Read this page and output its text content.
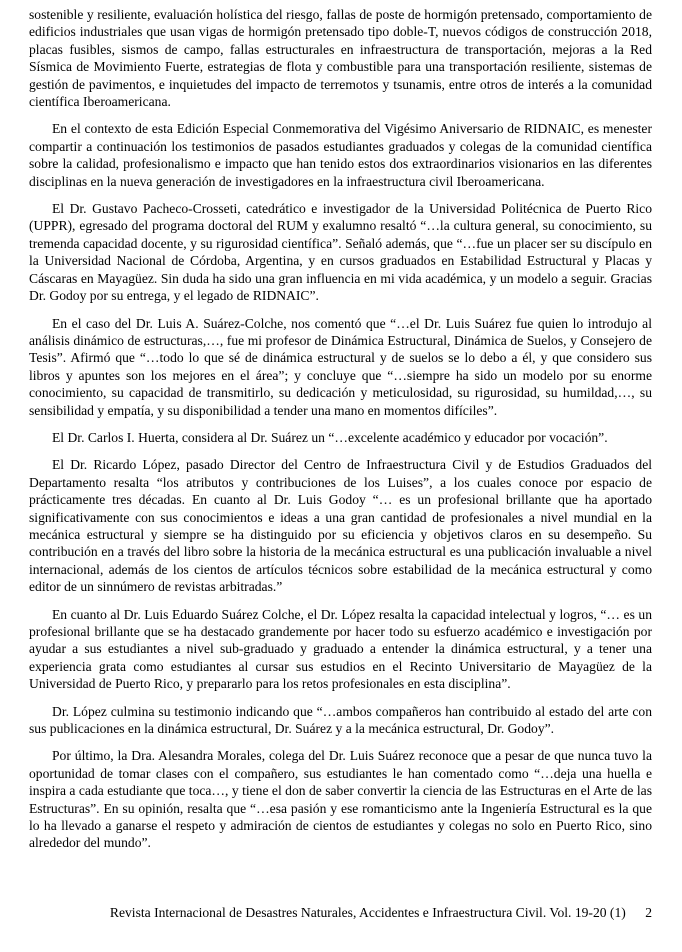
sostenible y resiliente, evaluación holística del riesgo, fallas de poste de hormigón pretensado, comportamiento de edificios industriales que usan vigas de hormigón pretensado tipo doble-T, nuevos códigos de construcción 2018, placas fusibles, sismos de campo, fallas estructurales en infraestructura de transportación, mejoras a la Red Sísmica de Movimiento Fuerte, estrategias de flota y combustible para una transportación resiliente, sistemas de gestión de pavimentos, e inquietudes del impacto de terremotos y tsunamis, entre otros de interés a la comunidad científica Iberoamericana.

En el contexto de esta Edición Especial Conmemorativa del Vigésimo Aniversario de RIDNAIC, es menester compartir a continuación los testimonios de pasados estudiantes graduados y colegas de la comunidad científica sobre la calidad, profesionalismo e impacto que han tenido estos dos extraordinarios visionarios en las diferentes disciplinas en la nueva generación de investigadores en la infraestructura civil Iberoamericana.

El Dr. Gustavo Pacheco-Crosseti, catedrático e investigador de la Universidad Politécnica de Puerto Rico (UPPR), egresado del programa doctoral del RUM y exalumno resaltó “…la cultura general, su conocimiento, su tremenda capacidad docente, y su rigurosidad científica”. Señaló además, que “…fue un placer ser su discípulo en la Universidad Nacional de Córdoba, Argentina, y en cursos graduados en Estabilidad Estructural y Placas y Cáscaras en Mayagüez. Sin duda ha sido una gran influencia en mi vida académica, y un modelo a seguir. Gracias Dr. Godoy por su entrega, y el legado de RIDNAIC”.

En el caso del Dr. Luis A. Suárez-Colche, nos comentó que “…el Dr. Luis Suárez fue quien lo introdujo al análisis dinámico de estructuras,…, fue mi profesor de Dinámica Estructural, Dinámica de Suelos, y Consejero de Tesis”. Afirmó que “…todo lo que sé de dinámica estructural y de suelos se lo debo a él, y que considero sus libros y apuntes son los mejores en el área”; y concluye que “…siempre ha sido un modelo por su enorme conocimiento, su capacidad de transmitirlo, su dedicación y meticulosidad, su rigurosidad, su humildad,…, su sensibilidad y empatía, y su disponibilidad a tender una mano en momentos difíciles”.

El Dr. Carlos I. Huerta, considera al Dr. Suárez un “…excelente académico y educador por vocación”.

El Dr. Ricardo López, pasado Director del Centro de Infraestructura Civil y de Estudios Graduados del Departamento resalta “los atributos y contribuciones de los Luises”, a los cuales conoce por espacio de prácticamente tres décadas. En cuanto al Dr. Luis Godoy “… es un profesional brillante que ha aportado significativamente con sus conocimientos e ideas a una gran cantidad de profesionales a nivel mundial en la mecánica estructural y siempre se ha distinguido por su eficiencia y objetivos claros en su desempeño. Su contribución en a través del libro sobre la historia de la mecánica estructural es una publicación invaluable a nivel internacional, además de los cientos de artículos técnicos sobre estabilidad de la mecánica estructural y como editor de un sinnúmero de revistas arbitradas.”

En cuanto al Dr. Luis Eduardo Suárez Colche, el Dr. López resalta la capacidad intelectual y logros, “… es un profesional brillante que se ha destacado grandemente por hacer todo su esfuerzo académico e investigación por ayudar a sus estudiantes a nivel sub-graduado y graduado a entender la dinámica estructural, y a tener una experiencia grata como estudiantes al cursar sus estudios en el Recinto Universitario de Mayagüez de la Universidad de Puerto Rico, y prepararlo para los retos profesionales en esta disciplina”.

Dr. López culmina su testimonio indicando que “…ambos compañeros han contribuido al estado del arte con sus publicaciones en la dinámica estructural, Dr. Suárez y a la mecánica estructural, Dr. Godoy”.

Por último, la Dra. Alesandra Morales, colega del Dr. Luis Suárez reconoce que a pesar de que nunca tuvo la oportunidad de tomar clases con el compañero, sus estudiantes le han comentado como “…deja una huella e inspira a cada estudiante que toca…, y tiene el don de saber convertir la ciencia de las Estructuras en el Arte de las Estructuras”. En su opinión, resalta que “…esa pasión y ese romanticismo ante la Ingeniería Estructural es la que lo ha llevado a ganarse el respeto y admiración de cientos de estudiantes y colegas no solo en Puerto Rico, sino alrededor del mundo”.

Revista Internacional de Desastres Naturales, Accidentes e Infraestructura Civil. Vol. 19-20 (1) 2
